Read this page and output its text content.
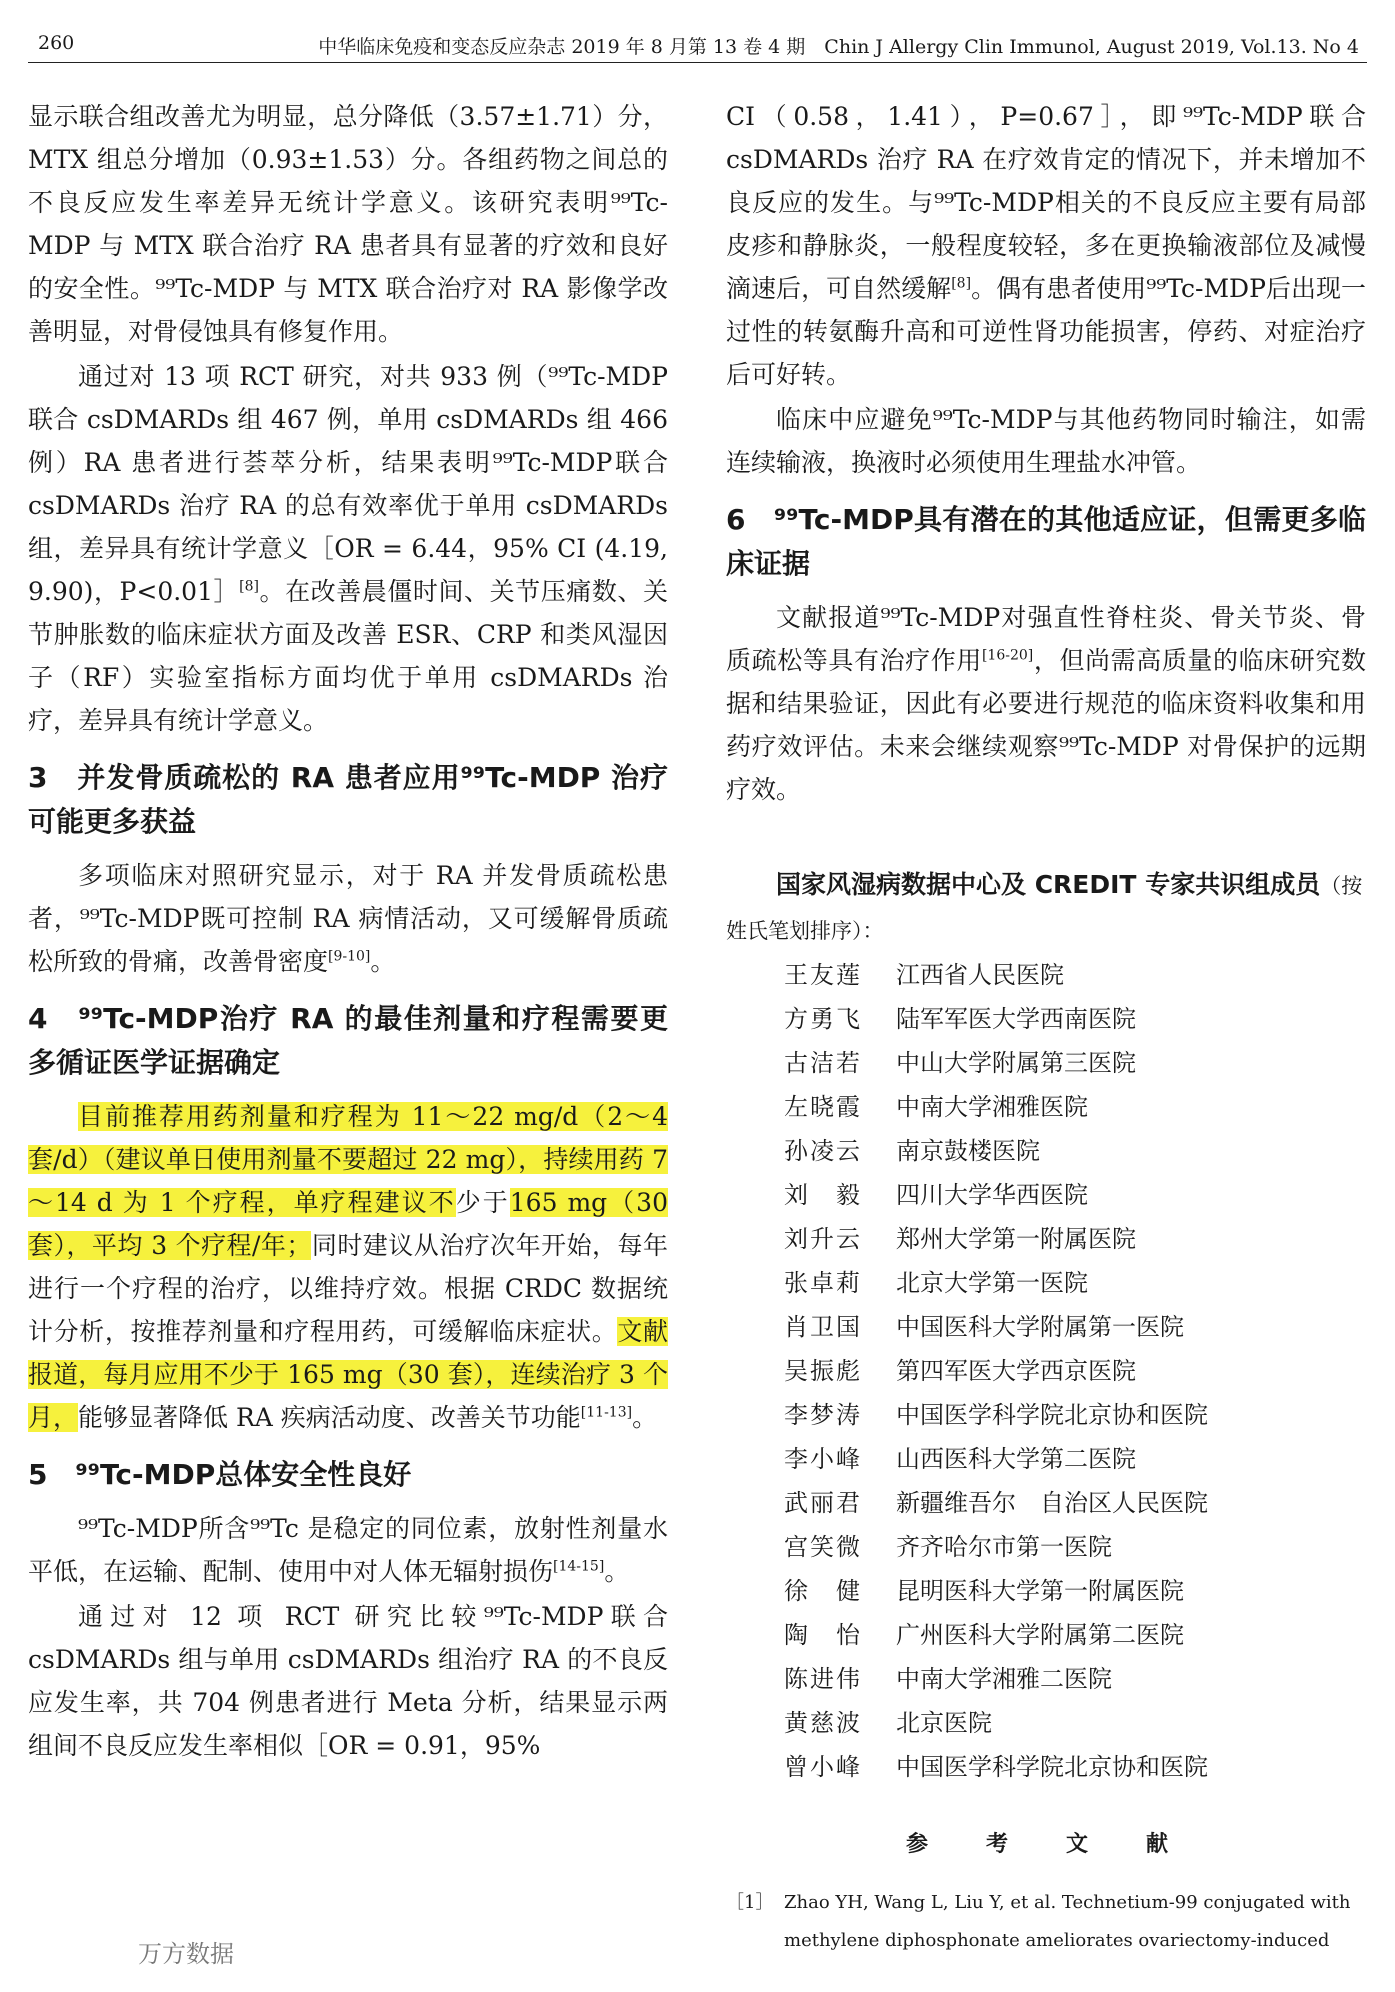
260	中华临床免疫和变态反应杂志 2019 年 8 月第 13 卷 4 期　Chin J Allergy Clin Immunol, August 2019, Vol.13. No 4

显示联合组改善尤为明显，总分降低（3.57±1.71）分，MTX 组总分增加（0.93±1.53）分。各组药物之间总的不良反应发生率差异无统计学意义。该研究表明⁹⁹Tc-MDP 与 MTX 联合治疗 RA 患者具有显著的疗效和良好的安全性。⁹⁹Tc-MDP 与 MTX 联合治疗对 RA 影像学改善明显，对骨侵蚀具有修复作用。

通过对 13 项 RCT 研究，对共 933 例（⁹⁹Tc-MDP 联合 csDMARDs 组 467 例，单用 csDMARDs 组 466 例）RA 患者进行荟萃分析，结果表明⁹⁹Tc-MDP联合 csDMARDs 治疗 RA 的总有效率优于单用 csDMARDs 组，差异具有统计学意义［OR = 6.44，95% CI (4.19, 9.90)，P<0.01］[8]。在改善晨僵时间、关节压痛数、关节肿胀数的临床症状方面及改善 ESR、CRP 和类风湿因子（RF）实验室指标方面均优于单用 csDMARDs 治疗，差异具有统计学意义。

3　并发骨质疏松的 RA 患者应用⁹⁹Tc-MDP 治疗可能更多获益

多项临床对照研究显示，对于 RA 并发骨质疏松患者，⁹⁹Tc-MDP既可控制 RA 病情活动，又可缓解骨质疏松所致的骨痛，改善骨密度[9-10]。

4　⁹⁹Tc-MDP治疗 RA 的最佳剂量和疗程需要更多循证医学证据确定

目前推荐用药剂量和疗程为 11～22 mg/d（2～4 套/d）（建议单日使用剂量不要超过 22 mg），持续用药 7～14 d 为 1 个疗程，单疗程建议不少于165 mg（30 套），平均 3 个疗程/年；同时建议从治疗次年开始，每年进行一个疗程的治疗，以维持疗效。根据 CRDC 数据统计分析，按推荐剂量和疗程用药，可缓解临床症状。文献报道，每月应用不少于 165 mg（30 套），连续治疗 3 个月，能够显著降低 RA 疾病活动度、改善关节功能[11-13]。

5　⁹⁹Tc-MDP总体安全性良好

⁹⁹Tc-MDP所含⁹⁹Tc 是稳定的同位素，放射性剂量水平低，在运输、配制、使用中对人体无辐射损伤[14-15]。

通过对 12 项 RCT 研究比较⁹⁹Tc-MDP联合 csDMARDs 组与单用 csDMARDs 组治疗 RA 的不良反应发生率，共 704 例患者进行 Meta 分析，结果显示两组间不良反应发生率相似［OR = 0.91，95%

CI（0.58，1.41），P=0.67］，即⁹⁹Tc-MDP联合 csDMARDs 治疗 RA 在疗效肯定的情况下，并未增加不良反应的发生。与⁹⁹Tc-MDP相关的不良反应主要有局部皮疹和静脉炎，一般程度较轻，多在更换输液部位及减慢滴速后，可自然缓解[8]。偶有患者使用⁹⁹Tc-MDP后出现一过性的转氨酶升高和可逆性肾功能损害，停药、对症治疗后可好转。

临床中应避免⁹⁹Tc-MDP与其他药物同时输注，如需连续输液，换液时必须使用生理盐水冲管。

6　⁹⁹Tc-MDP具有潜在的其他适应证，但需更多临床证据

文献报道⁹⁹Tc-MDP对强直性脊柱炎、骨关节炎、骨质疏松等具有治疗作用[16-20]，但尚需高质量的临床研究数据和结果验证，因此有必要进行规范的临床资料收集和用药疗效评估。未来会继续观察⁹⁹Tc-MDP 对骨保护的远期疗效。

国家风湿病数据中心及 CREDIT 专家共识组成员（按姓氏笔划排序）：
王友莲	江西省人民医院
方勇飞	陆军军医大学西南医院
古洁若	中山大学附属第三医院
左晓霞	中南大学湘雅医院
孙凌云	南京鼓楼医院
刘　毅	四川大学华西医院
刘升云	郑州大学第一附属医院
张卓莉	北京大学第一医院
肖卫国	中国医科大学附属第一医院
吴振彪	第四军医大学西京医院
李梦涛	中国医学科学院北京协和医院
李小峰	山西医科大学第二医院
武丽君	新疆维吾尔　自治区人民医院
宫笑微	齐齐哈尔市第一医院
徐　健	昆明医科大学第一附属医院
陶　怡	广州医科大学附属第二医院
陈进伟	中南大学湘雅二医院
黄慈波	北京医院
曾小峰	中国医学科学院北京协和医院
参　考　文　献
［1］ Zhao YH, Wang L, Liu Y, et al. Technetium-99 conjugated with methylene diphosphonate ameliorates ovariectomy-induced
万方数据
